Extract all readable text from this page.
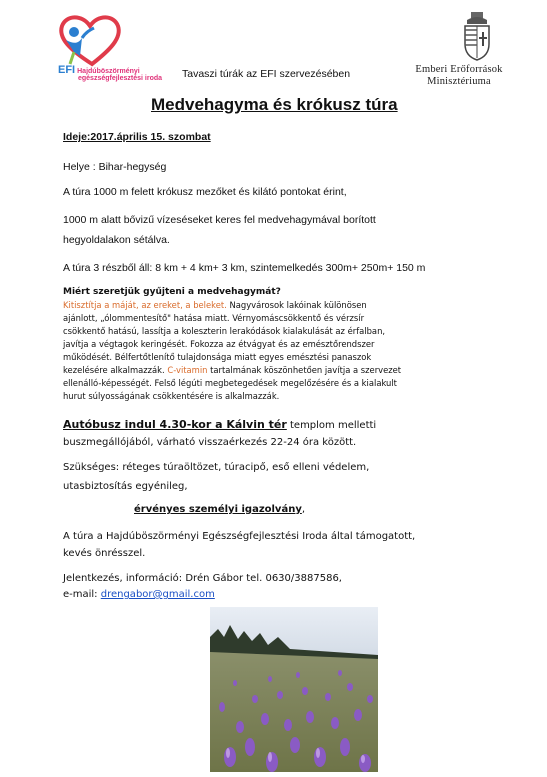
EFI Hajdúböszörményi
egészségfejlesztési iroda
Emberi Erőforrások
Minisztériuma
Tavaszi túrák az EFI szervezésében
Medvehagyma és krókusz túra
Ideje:2017.április 15. szombat
Helye : Bihar-hegység
A túra 1000 m felett krókusz mezőket és kilátó pontokat érint,
1000 m alatt bővizű vízeséseket keres fel medvehagymával borított
hegyoldalakon sétálva.
A túra 3 részből áll: 8 km + 4 km+ 3 km, szintemelkedés 300m+ 250m+ 150 m
Miért szeretjük gyűjteni a medvehagymát?
Kitisztítja a máját, az ereket, a beleket. Nagyvárosok lakóinak különösen
ajánlott, „ólommentesítő" hatása miatt. Vérnyomáscsökkentő és vérzsír
csökkentő hatású, lassítja a koleszterin lerakódások kialakulását az érfalban,
javítja a végtagok keringését. Fokozza az étvágyat és az emésztőrendszer
működését. Bélfertőtlenítő tulajdonsága miatt egyes emésztési panaszok
kezelésére alkalmazzák. C-vitamin tartalmának köszönhetően javítja a szervezet
ellenálló-képességét. Felső légúti megbetegedések megelőzésére és a kialakult
hurut súlyosságának csökkentésére is alkalmazzák.
Autóbusz indul 4.30-kor a Kálvin tér templom melletti
buszmegállójából, várható visszaérkezés 22-24 óra között.
Szükséges: réteges túraöltözet, túracipő, eső elleni védelem,
utasbiztosítás egyénileg,
érvényes személyi igazolvány,
A túra a Hajdúböszörményi Egészségfejlesztési Iroda által támogatott,
kevés önrésszel.
Jelentkezés, információ: Drén Gábor tel. 0630/3887586,
e-mail: drengabor@gmail.com
